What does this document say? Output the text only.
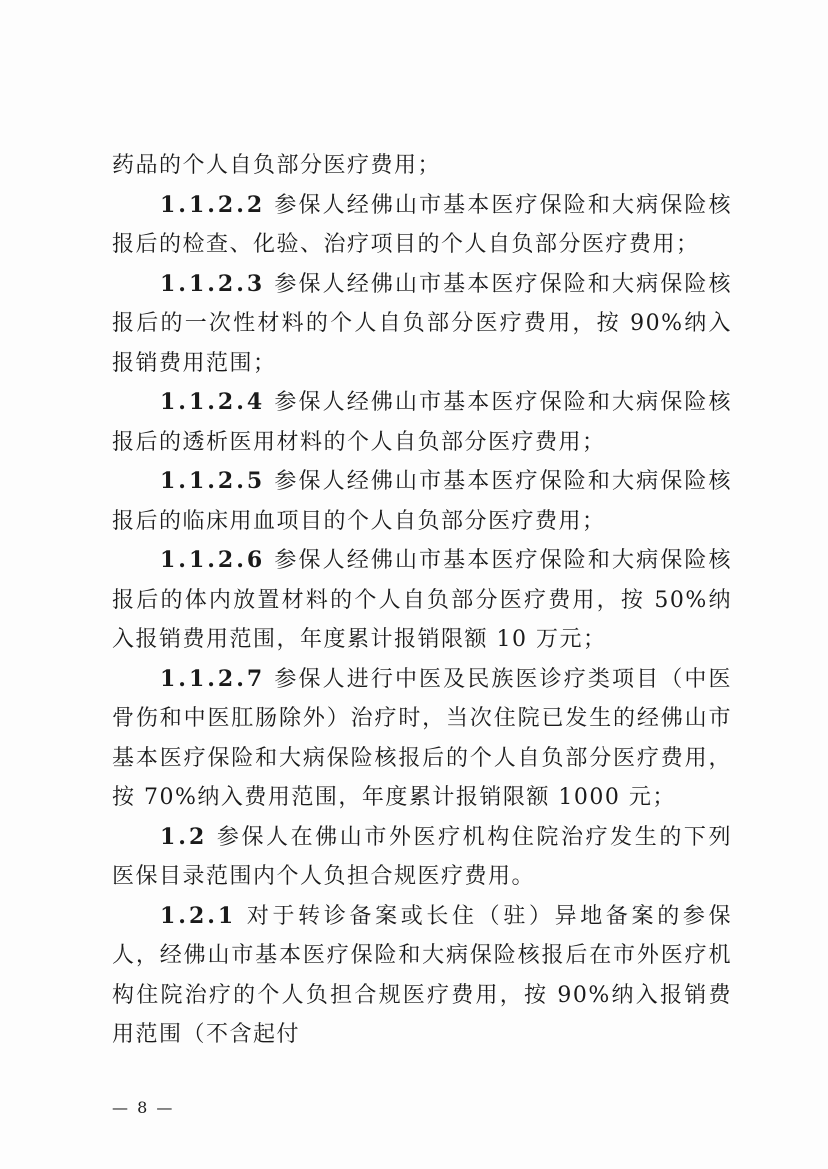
药品的个人自负部分医疗费用；

1.1.2.2 参保人经佛山市基本医疗保险和大病保险核报后的检查、化验、治疗项目的个人自负部分医疗费用；

1.1.2.3 参保人经佛山市基本医疗保险和大病保险核报后的一次性材料的个人自负部分医疗费用，按 90%纳入报销费用范围；

1.1.2.4 参保人经佛山市基本医疗保险和大病保险核报后的透析医用材料的个人自负部分医疗费用；

1.1.2.5 参保人经佛山市基本医疗保险和大病保险核报后的临床用血项目的个人自负部分医疗费用；

1.1.2.6 参保人经佛山市基本医疗保险和大病保险核报后的体内放置材料的个人自负部分医疗费用，按 50%纳入报销费用范围，年度累计报销限额 10 万元；

1.1.2.7 参保人进行中医及民族医诊疗类项目（中医骨伤和中医肛肠除外）治疗时，当次住院已发生的经佛山市基本医疗保险和大病保险核报后的个人自负部分医疗费用，按 70%纳入费用范围，年度累计报销限额 1000 元；

1.2 参保人在佛山市外医疗机构住院治疗发生的下列医保目录范围内个人负担合规医疗费用。

1.2.1 对于转诊备案或长住（驻）异地备案的参保人，经佛山市基本医疗保险和大病保险核报后在市外医疗机构住院治疗的个人负担合规医疗费用，按 90%纳入报销费用范围（不含起付

— 8 —
